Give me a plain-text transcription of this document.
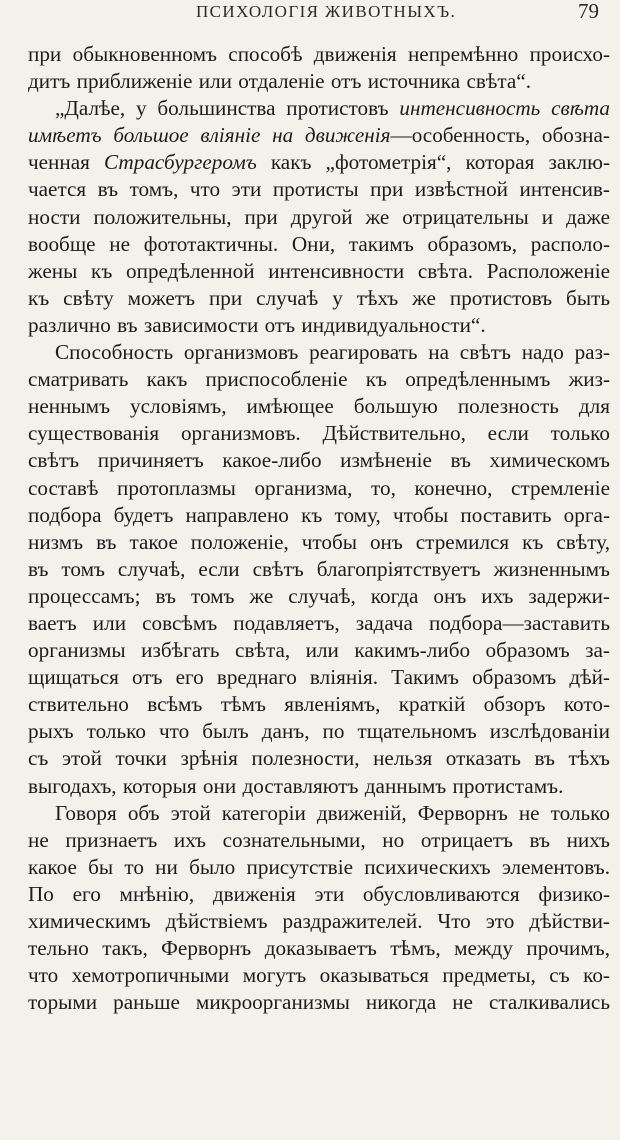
ПСИХОЛОГІЯ ЖИВОТНЫХЪ.	79
при обыкновенномъ способѣ движенія непремѣнно происхо-
дитъ приближеніе или отдаленіе отъ источника свѣта“.
„Далѣе, у большинства протистовъ интенсивность свѣта
имѣетъ большое вліяніе на движенія—особенность, обозна-
ченная Страсбургеромъ какъ „фотометрія“, которая заклю-
чается въ томъ, что эти протисты при извѣстной интенсив-
ности положительны, при другой же отрицательны и даже
вообще не фототактичны. Они, такимъ образомъ, располо-
жены къ опредѣленной интенсивности свѣта. Расположеніе
къ свѣту можетъ при случаѣ у тѣхъ же протистовъ быть
различно въ зависимости отъ индивидуальности“.
Способность организмовъ реагировать на свѣтъ надо раз-
сматривать какъ приспособленіе къ опредѣленнымъ жиз-
неннымъ условіямъ, имѣющее большую полезность для
существованія организмовъ. Дѣйствительно, если только
свѣтъ причиняетъ какое-либо измѣненіе въ химическомъ
составѣ протоплазмы организма, то, конечно, стремленіе
подбора будетъ направлено къ тому, чтобы поставить орга-
низмъ въ такое положеніе, чтобы онъ стремился къ свѣту,
въ томъ случаѣ, если свѣтъ благопріятствуетъ жизненнымъ
процессамъ; въ томъ же случаѣ, когда онъ ихъ задержи-
ваетъ или совсѣмъ подавляетъ, задача подбора—заставить
организмы избѣгать свѣта, или какимъ-либо образомъ за-
щищаться отъ его вреднаго вліянія. Такимъ образомъ дѣй-
ствительно всѣмъ тѣмъ явленіямъ, краткій обзоръ кото-
рыхъ только что былъ данъ, по тщательномъ изслѣдованіи
съ этой точки зрѣнія полезности, нельзя отказать въ тѣхъ
выгодахъ, которыя они доставляютъ даннымъ протистамъ.
Говоря объ этой категоріи движеній, Ферворнъ не только
не признаетъ ихъ сознательными, но отрицаетъ въ нихъ
какое бы то ни было присутствіе психическихъ элементовъ.
По его мнѣнію, движенія эти обусловливаются физико-
химическимъ дѣйствіемъ раздражителей. Что это дѣйстви-
тельно такъ, Ферворнъ доказываетъ тѣмъ, между прочимъ,
что хемотропичными могутъ оказываться предметы, съ ко-
торыми раньше микроорганизмы никогда не сталкивались
